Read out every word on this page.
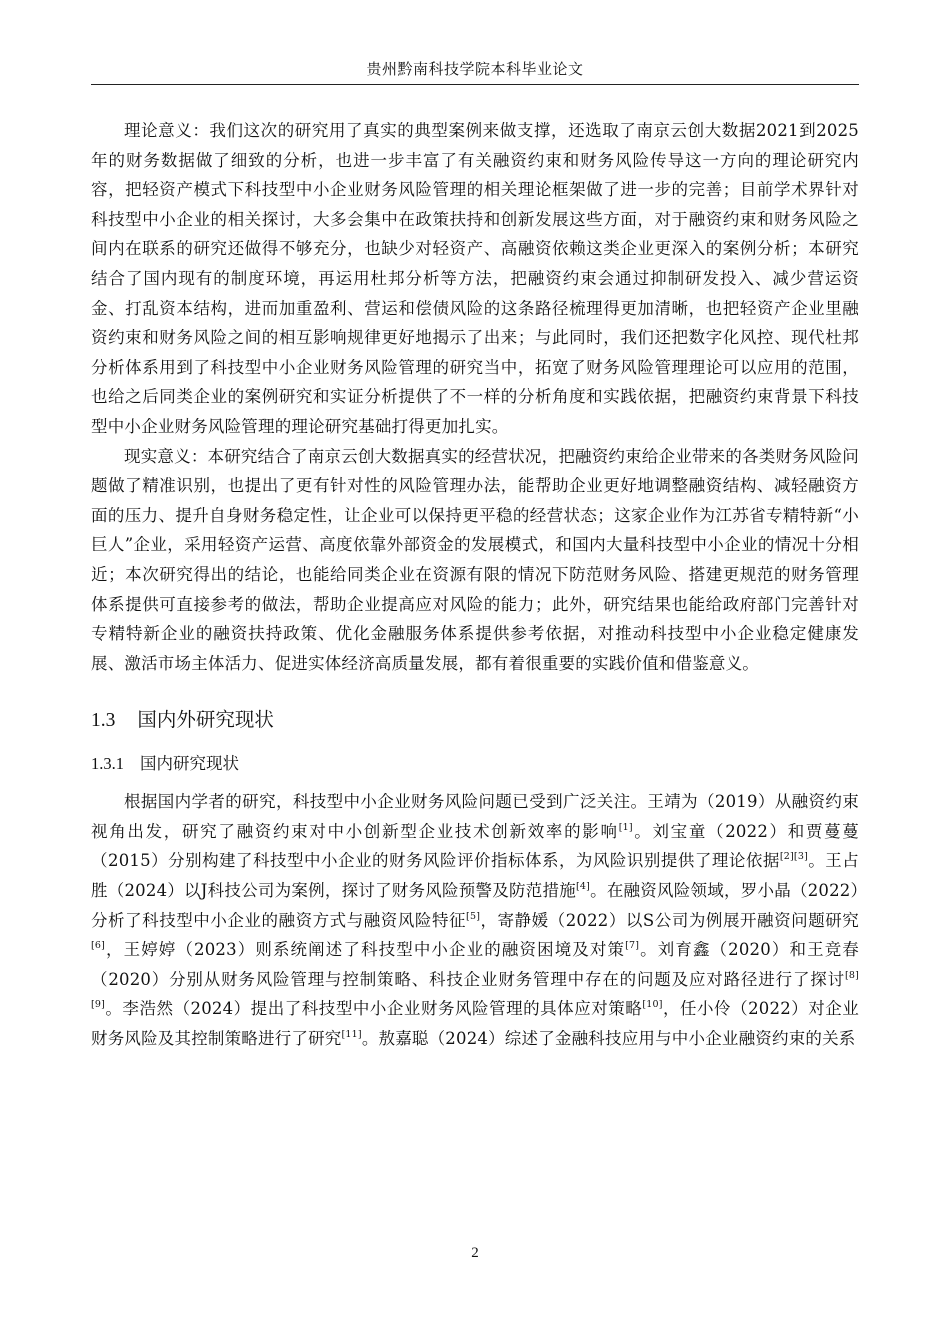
贵州黔南科技学院本科毕业论文

理论意义：我们这次的研究用了真实的典型案例来做支撑，还选取了南京云创大数据2021到2025年的财务数据做了细致的分析，也进一步丰富了有关融资约束和财务风险传导这一方向的理论研究内容，把轻资产模式下科技型中小企业财务风险管理的相关理论框架做了进一步的完善；目前学术界针对科技型中小企业的相关探讨，大多会集中在政策扶持和创新发展这些方面，对于融资约束和财务风险之间内在联系的研究还做得不够充分，也缺少对轻资产、高融资依赖这类企业更深入的案例分析；本研究结合了国内现有的制度环境，再运用杜邦分析等方法，把融资约束会通过抑制研发投入、减少营运资金、打乱资本结构，进而加重盈利、营运和偿债风险的这条路径梳理得更加清晰，也把轻资产企业里融资约束和财务风险之间的相互影响规律更好地揭示了出来；与此同时，我们还把数字化风控、现代杜邦分析体系用到了科技型中小企业财务风险管理的研究当中，拓宽了财务风险管理理论可以应用的范围，也给之后同类企业的案例研究和实证分析提供了不一样的分析角度和实践依据，把融资约束背景下科技型中小企业财务风险管理的理论研究基础打得更加扎实。

现实意义：本研究结合了南京云创大数据真实的经营状况，把融资约束给企业带来的各类财务风险问题做了精准识别，也提出了更有针对性的风险管理办法，能帮助企业更好地调整融资结构、减轻融资方面的压力、提升自身财务稳定性，让企业可以保持更平稳的经营状态；这家企业作为江苏省专精特新“小巨人”企业，采用轻资产运营、高度依靠外部资金的发展模式，和国内大量科技型中小企业的情况十分相近；本次研究得出的结论，也能给同类企业在资源有限的情况下防范财务风险、搭建更规范的财务管理体系提供可直接参考的做法，帮助企业提高应对风险的能力；此外，研究结果也能给政府部门完善针对专精特新企业的融资扶持政策、优化金融服务体系提供参考依据，对推动科技型中小企业稳定健康发展、激活市场主体活力、促进实体经济高质量发展，都有着很重要的实践价值和借鉴意义。

1.3 国内外研究现状
1.3.1 国内研究现状

根据国内学者的研究，科技型中小企业财务风险问题已受到广泛关注。王靖为（2019）从融资约束视角出发，研究了融资约束对中小创新型企业技术创新效率的影响[1]。刘宝童（2022）和贾蔓蔓（2015）分别构建了科技型中小企业的财务风险评价指标体系，为风险识别提供了理论依据[2][3]。王占胜（2024）以J科技公司为案例，探讨了财务风险预警及防范措施[4]。在融资风险领域，罗小晶（2022）分析了科技型中小企业的融资方式与融资风险特征[5]，寄静媛（2022）以S公司为例展开融资问题研究[6]，王婷婷（2023）则系统阐述了科技型中小企业的融资困境及对策[7]。刘育鑫（2020）和王竞春（2020）分别从财务风险管理与控制策略、科技企业财务管理中存在的问题及应对路径进行了探讨[8][9]。李浩然（2024）提出了科技型中小企业财务风险管理的具体应对策略[10]，任小伶（2022）对企业财务风险及其控制策略进行了研究[11]。敖嘉聪（2024）综述了金融科技应用与中小企业融资约束的关系

2
